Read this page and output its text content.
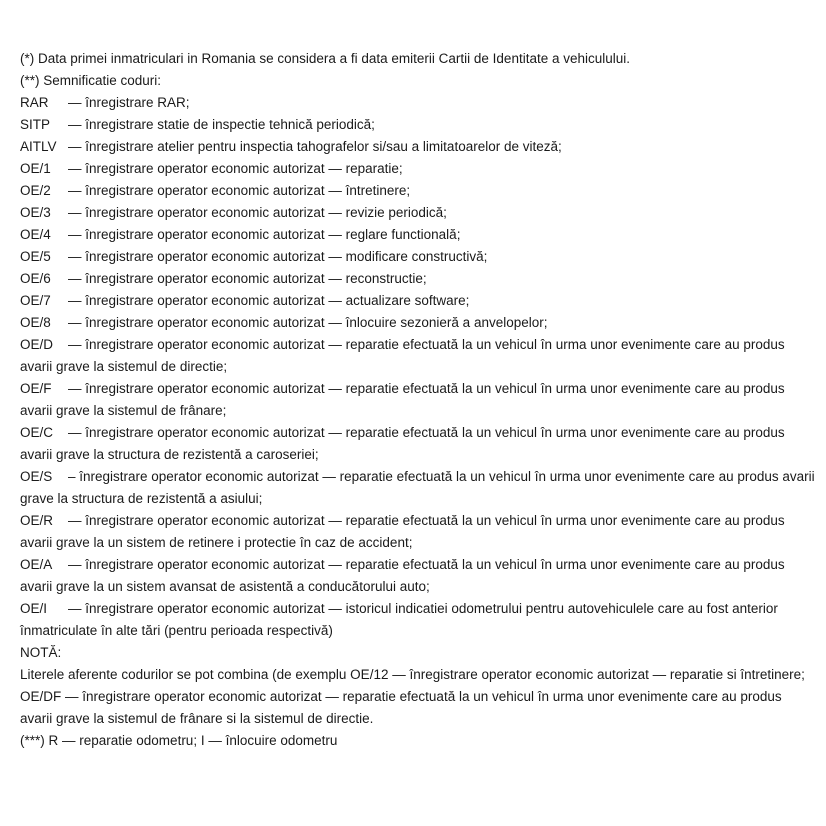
(*) Data primei inmatriculari in Romania se considera a fi data emiterii Cartii de Identitate a vehiculului.

(**) Semnificatie coduri:

RAR — înregistrare RAR;

SITP — înregistrare statie de inspectie tehnică periodică;

AITLV — înregistrare atelier pentru inspectia tahografelor si/sau a limitatoarelor de viteză;

OE/1 — înregistrare operator economic autorizat — reparatie;

OE/2 — înregistrare operator economic autorizat — întretinere;

OE/3 — înregistrare operator economic autorizat — revizie periodică;

OE/4 — înregistrare operator economic autorizat — reglare functională;

OE/5 — înregistrare operator economic autorizat — modificare constructivă;

OE/6 — înregistrare operator economic autorizat — reconstructie;

OE/7 — înregistrare operator economic autorizat — actualizare software;

OE/8 — înregistrare operator economic autorizat — înlocuire sezonieră a anvelopelor;

OE/D — înregistrare operator economic autorizat — reparatie efectuată la un vehicul în urma unor evenimente care au produs avarii grave la sistemul de directie;

OE/F — înregistrare operator economic autorizat — reparatie efectuată la un vehicul în urma unor evenimente care au produs avarii grave la sistemul de frânare;

OE/C — înregistrare operator economic autorizat — reparatie efectuată la un vehicul în urma unor evenimente care au produs avarii grave la structura de rezistentă a caroseriei;

OE/S – înregistrare operator economic autorizat — reparatie efectuată la un vehicul în urma unor evenimente care au produs avarii grave la structura de rezistentă a asiului;

OE/R — înregistrare operator economic autorizat — reparatie efectuată la un vehicul în urma unor evenimente care au produs avarii grave la un sistem de retinere i protectie în caz de accident;

OE/A — înregistrare operator economic autorizat — reparatie efectuată la un vehicul în urma unor evenimente care au produs avarii grave la un sistem avansat de asistentă a conducătorului auto;

OE/I — înregistrare operator economic autorizat — istoricul indicatiei odometrului pentru autovehiculele care au fost anterior înmatriculate în alte tări (pentru perioada respectivă)

NOTĂ:

Literele aferente codurilor se pot combina (de exemplu OE/12 — înregistrare operator economic autorizat — reparatie si întretinere; OE/DF — înregistrare operator economic autorizat — reparatie efectuată la un vehicul în urma unor evenimente care au produs avarii grave la sistemul de frânare si la sistemul de directie.

(***) R — reparatie odometru; I — înlocuire odometru
